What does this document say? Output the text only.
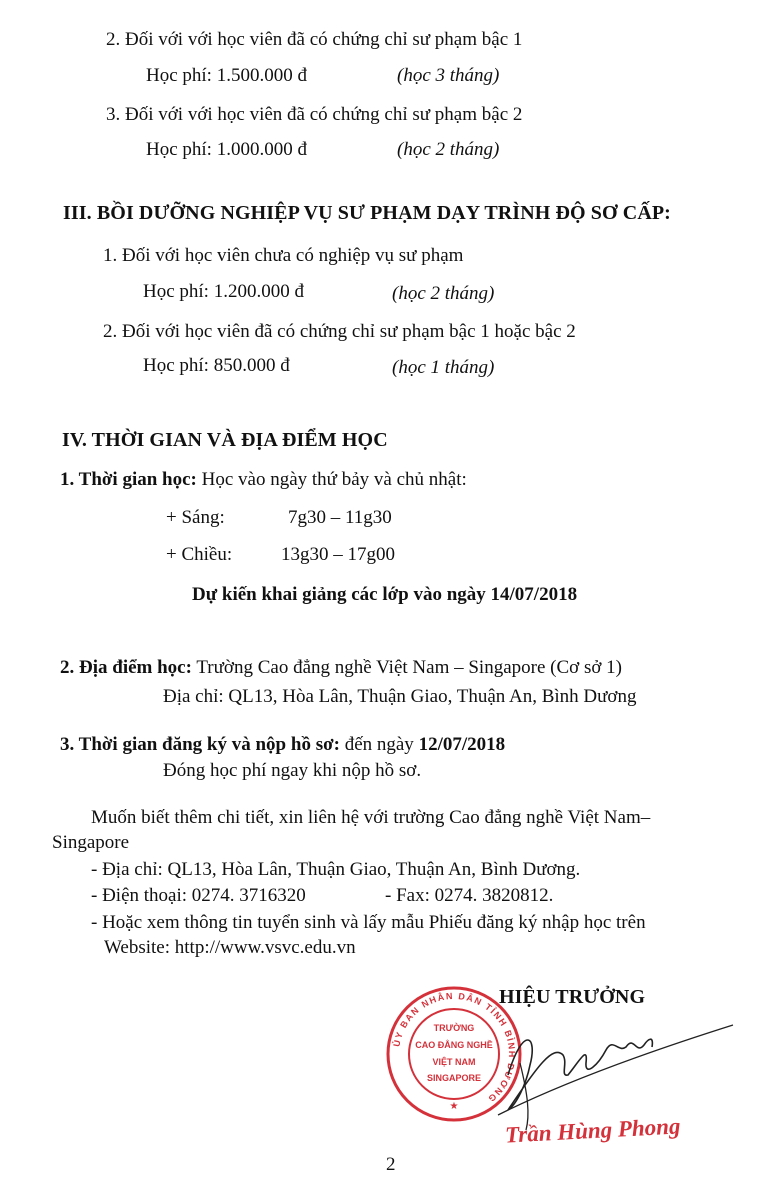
2. Đối với với học viên đã có chứng chỉ sư phạm bậc 1
Học phí: 1.500.000 đ	(học 3 tháng)
3. Đối với với học viên đã có chứng chỉ sư phạm bậc 2
Học phí: 1.000.000 đ	(học 2 tháng)
III. BỒI DƯỠNG NGHIỆP VỤ SƯ PHẠM DẠY TRÌNH ĐỘ SƠ CẤP:
1. Đối với học viên chưa có nghiệp vụ sư phạm
Học phí: 1.200.000 đ	(học 2 tháng)
2. Đối với học viên đã có chứng chỉ sư phạm bậc 1 hoặc bậc 2
Học phí: 850.000 đ	(học 1 tháng)
IV. THỜI GIAN VÀ ĐỊA ĐIỂM HỌC
1. Thời gian học: Học vào ngày thứ bảy và chủ nhật:
+ Sáng:	7g30 – 11g30
+ Chiều:	13g30 – 17g00
Dự kiến khai giảng các lớp vào ngày 14/07/2018
2. Địa điểm học: Trường Cao đẳng nghề Việt Nam – Singapore (Cơ sở 1)
Địa chỉ: QL13, Hòa Lân, Thuận Giao, Thuận An, Bình Dương
3. Thời gian đăng ký và nộp hồ sơ: đến ngày 12/07/2018
Đóng học phí ngay khi nộp hồ sơ.
Muốn biết thêm chi tiết, xin liên hệ với trường Cao đẳng nghề Việt Nam–
Singapore
- Địa chỉ: QL13, Hòa Lân, Thuận Giao, Thuận An, Bình Dương.
- Điện thoại: 0274. 3716320	- Fax: 0274. 3820812.
- Hoặc xem thông tin tuyển sinh và lấy mẫu Phiếu đăng ký nhập học trên
Website: http://www.vsvc.edu.vn
HIỆU TRƯỞNG
ỦY BAN NHÂN DÂN TỈNH BÌNH DƯƠNG
TRƯỜNG
CAO ĐẲNG NGHỀ
VIỆT NAM
SINGAPORE
★
Trần Hùng Phong
2
